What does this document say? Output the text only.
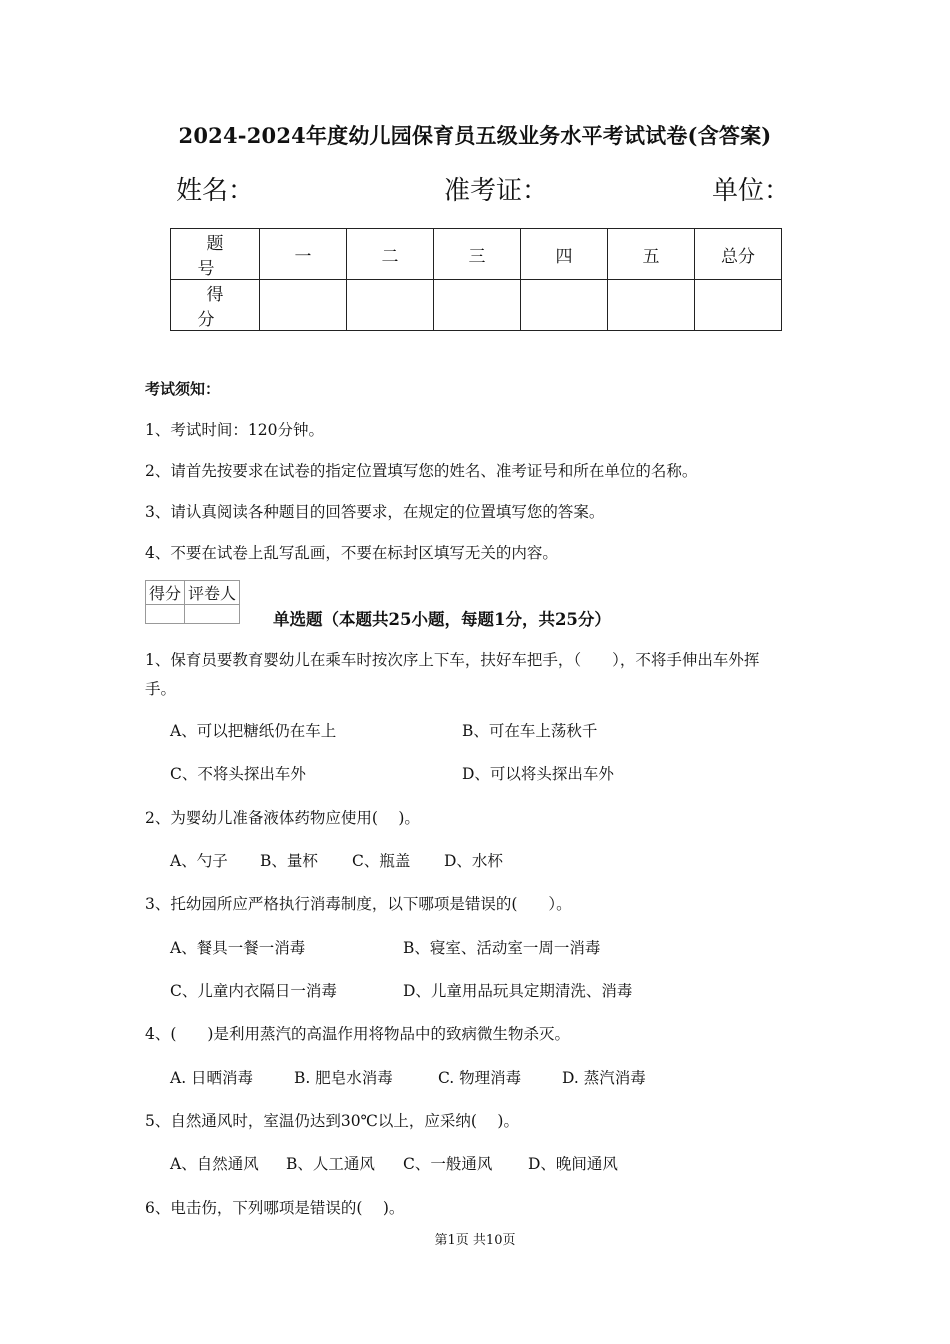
2024-2024年度幼儿园保育员五级业务水平考试试卷(含答案)
姓名：	准考证：	单位：
题　号	一	二	三	四	五	总分
得　分						
考试须知：
1、考试时间：120分钟。
2、请首先按要求在试卷的指定位置填写您的姓名、准考证号和所在单位的名称。
3、请认真阅读各种题目的回答要求，在规定的位置填写您的答案。
4、不要在试卷上乱写乱画，不要在标封区填写无关的内容。
得分	评卷人

单选题（本题共25小题，每题1分，共25分）
1、保育员要教育婴幼儿在乘车时按次序上下车，扶好车把手，（　　），不将手伸出车外挥
手。
A、可以把糖纸仍在车上	B、可在车上荡秋千
C、不将头探出车外	D、可以将头探出车外
2、为婴幼儿准备液体药物应使用(　 )。
A、勺子 B、量杯 C、瓶盖 D、水杯
3、托幼园所应严格执行消毒制度，以下哪项是错误的(　　）。
A、餐具一餐一消毒	B、寝室、活动室一周一消毒
C、儿童内衣隔日一消毒	D、儿童用品玩具定期清洗、消毒
4、(　　)是利用蒸汽的高温作用将物品中的致病微生物杀灭。
A. 日晒消毒	B. 肥皂水消毒	C. 物理消毒	D. 蒸汽消毒
5、自然通风时，室温仍达到30℃以上，应采纳(　 )。
A、自然通风 B、人工通风 C、一般通风 D、晚间通风
6、电击伤，下列哪项是错误的(　 )。
第1页 共10页
